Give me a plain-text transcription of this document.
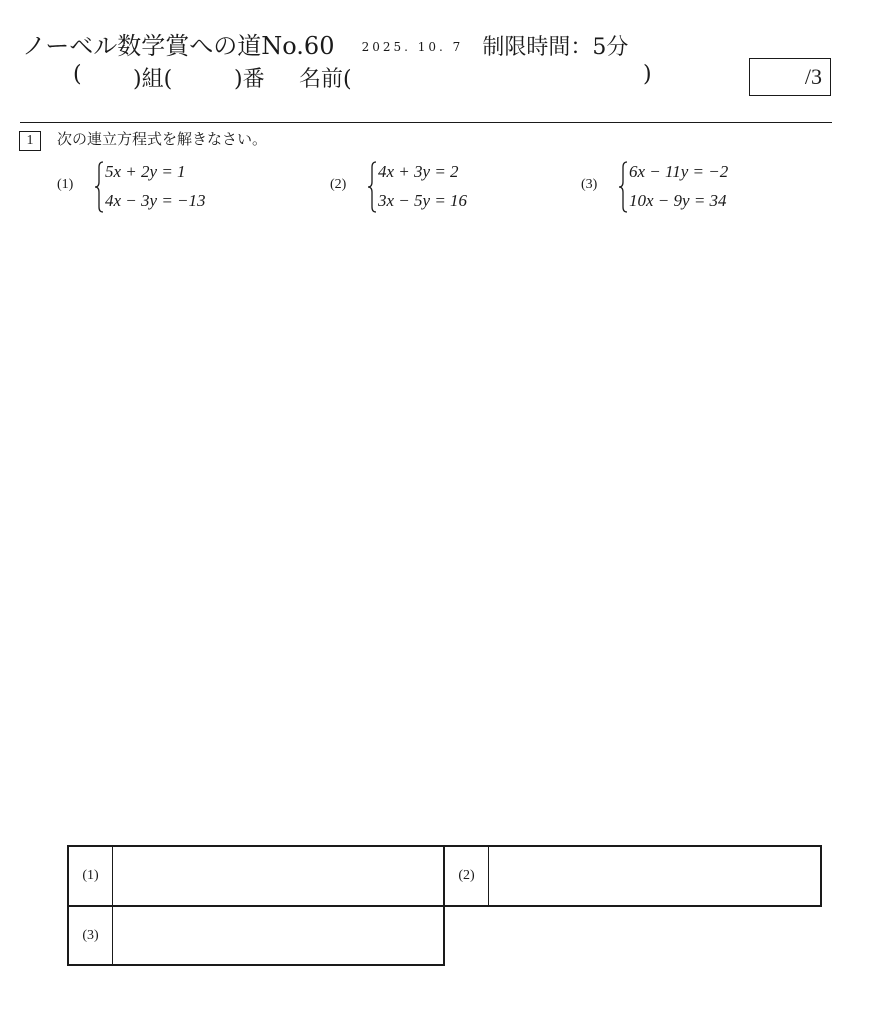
ノーベル数学賞への道No.60 2025. 10. 7 制限時間：5分
( )組(	)番 名前(	)	/3
1 次の連立方程式を解きなさい。
(1)
5x + 2y = 1
4x − 3y = −13
(2)
4x + 3y = 2
3x − 5y = 16
(3)
6x − 11y = −2
10x − 9y = 34
(1)	(2)
(3)
